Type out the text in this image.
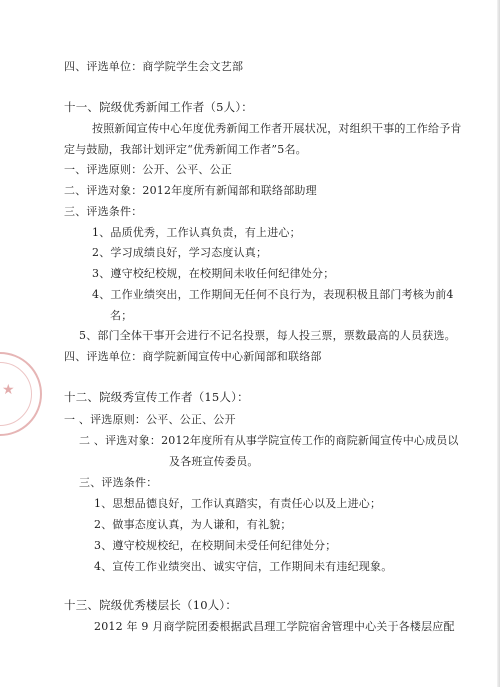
★
四、评选单位：商学院学生会文艺部
十一、院级优秀新闻工作者（5人）：
按照新闻宣传中心年度优秀新闻工作者开展状况，对组织干事的工作给予肯
定与鼓励，我部计划评定“优秀新闻工作者”5名。
一、评选原则：公开、公平、公正
二、评选对象：2012年度所有新闻部和联络部助理
三、评选条件：
1、品质优秀，工作认真负责，有上进心；
2、学习成绩良好，学习态度认真；
3、遵守校纪校规，在校期间未收任何纪律处分；
4、工作业绩突出，工作期间无任何不良行为，表现积极且部门考核为前4
名；
5、部门全体干事开会进行不记名投票，每人投三票，票数最高的人员获选。
四、评选单位：商学院新闻宣传中心新闻部和联络部
十二、院级秀宣传工作者（15人）：
一 、评选原则：公平、公正、公开
二 、评选对象：2012年度所有从事学院宣传工作的商院新闻宣传中心成员以
及各班宣传委员。
三、评选条件：
1、思想品德良好，工作认真踏实，有责任心以及上进心；
2、做事态度认真，为人谦和，有礼貌；
3、遵守校规校纪，在校期间未受任何纪律处分；
4、宣传工作业绩突出、诚实守信，工作期间未有违纪现象。
十三、院级优秀楼层长（10人）：
2012 年 9 月商学院团委根据武昌理工学院宿舍管理中心关于各楼层应配
